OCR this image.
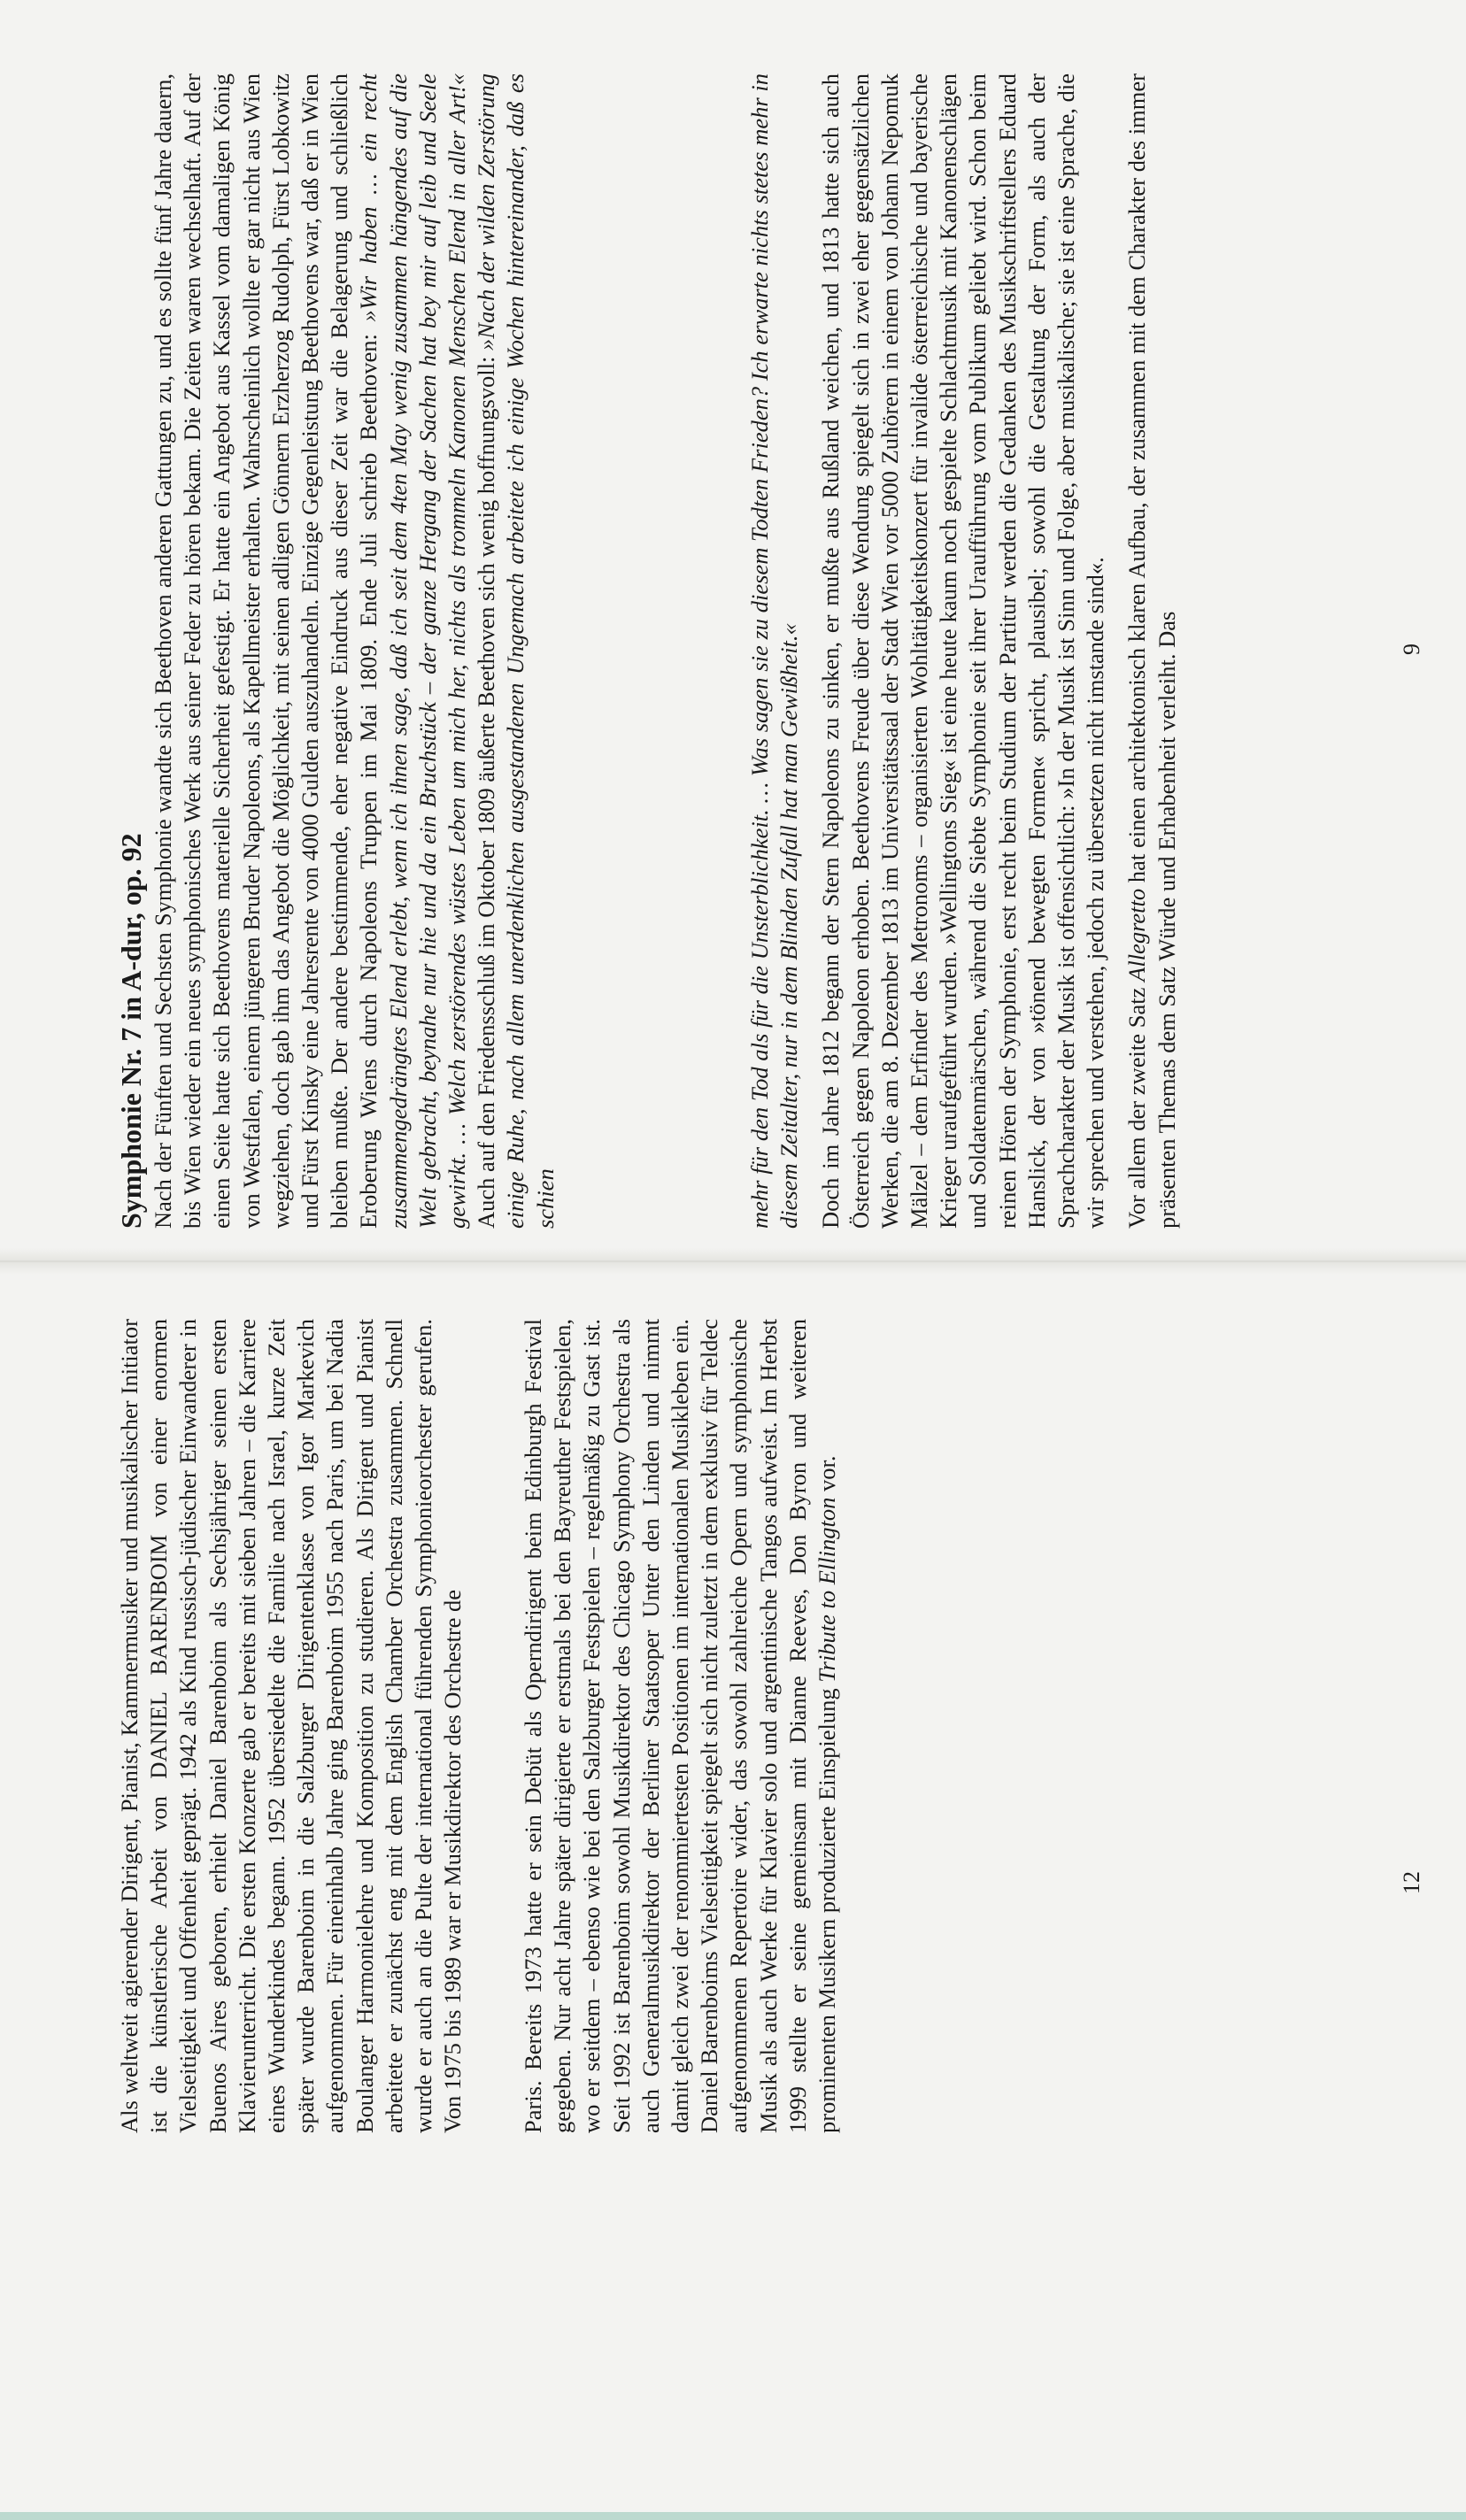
Als weltweit agierender Dirigent, Pianist, Kammermusiker und musikalischer Initiator ist die künstlerische Arbeit von DANIEL BARENBOIM von einer enormen Vielseitigkeit und Offenheit geprägt. 1942 als Kind russisch-jüdischer Einwanderer in Buenos Aires geboren, erhielt Daniel Barenboim als Sechsjähriger seinen ersten Klavierunterricht. Die ersten Konzerte gab er bereits mit sieben Jahren – die Karriere eines Wunderkindes begann. 1952 übersiedelte die Familie nach Israel, kurze Zeit später wurde Barenboim in die Salzburger Dirigentenklasse von Igor Markevich aufgenommen. Für eineinhalb Jahre ging Barenboim 1955 nach Paris, um bei Nadia Boulanger Harmonielehre und Komposition zu studieren. Als Dirigent und Pianist arbeitete er zunächst eng mit dem English Chamber Orchestra zusammen. Schnell wurde er auch an die Pulte der international führenden Symphonieorchester gerufen. Von 1975 bis 1989 war er Musikdirektor des Orchestre de Paris. Bereits 1973 hatte er sein Debüt als Operndirigent beim Edinburgh Festival gegeben. Nur acht Jahre später dirigierte er erstmals bei den Bayreuther Festspielen, wo er seitdem – ebenso wie bei den Salzburger Festspielen – regelmäßig zu Gast ist. Seit 1992 ist Barenboim sowohl Musikdirektor des Chicago Symphony Orchestra als auch Generalmusikdirektor der Berliner Staatsoper Unter den Linden und nimmt damit gleich zwei der renommiertesten Positionen im internationalen Musikleben ein. Daniel Barenboims Vielseitigkeit spiegelt sich nicht zuletzt in dem exklusiv für Teldec aufgenommenen Repertoire wider, das sowohl zahlreiche Opern und symphonische Musik als auch Werke für Klavier solo und argentinische Tangos aufweist. Im Herbst 1999 stellte er seine gemeinsam mit Dianne Reeves, Don Byron und weiteren prominenten Musikern produzierte Einspielung Tribute to Ellington vor.

12
Symphonie Nr. 7 in A-dur, op. 92 Nach der Fünften und Sechsten Symphonie wandte sich Beethoven anderen Gattungen zu, und es sollte fünf Jahre dauern, bis Wien wieder ein neues symphonisches Werk aus seiner Feder zu hören bekam. Die Zeiten waren wechselhaft. Auf der einen Seite hatte sich Beethovens materielle Sicherheit gefestigt. Er hatte ein Angebot aus Kassel vom damaligen König von Westfalen, einem jüngeren Bruder Napoleons, als Kapellmeister erhalten. Wahrscheinlich wollte er gar nicht aus Wien wegziehen, doch gab ihm das Angebot die Möglichkeit, mit seinen adligen Gönnern Erzherzog Rudolph, Fürst Lobkowitz und Fürst Kinsky eine Jahresrente von 4000 Gulden auszuhandeln. Einzige Gegenleistung Beethovens war, daß er in Wien bleiben mußte. Der andere bestimmende, eher negative Eindruck aus dieser Zeit war die Belagerung und schließlich Eroberung Wiens durch Napoleons Truppen im Mai 1809. Ende Juli schrieb Beethoven: »Wir haben … ein recht zusammengedrängtes Elend erlebt, wenn ich ihnen sage, daß ich seit dem 4ten May wenig zusammen hängendes auf die Welt gebracht, beynahe nur hie und da ein Bruchstück – der ganze Hergang der Sachen hat bey mir auf leib und Seele gewirkt. … Welch zerstörendes wüstes Leben um mich her, nichts als trommeln Kanonen Menschen Elend in aller Art!« Auch auf den Friedensschluß im Oktober 1809 äußerte Beethoven sich wenig hoffnungsvoll: »Nach der wilden Zerstörung einige Ruhe, nach allem unerdenklichen ausgestandenen Ungemach arbeitete ich einige Wochen hintereinander, daß es schien	mehr für den Tod als für die Unsterblichkeit. … Was sagen sie zu diesem Todten Frieden? Ich erwarte nichts stetes mehr in diesem Zeitalter, nur in dem Blinden Zufall hat man Gewißheit.« Doch im Jahre 1812 begann der Stern Napoleons zu sinken, er mußte aus Rußland weichen, und 1813 hatte sich auch Österreich gegen Napoleon erhoben. Beethovens Freude über diese Wendung spiegelt sich in zwei eher gegensätzlichen Werken, die am 8. Dezember 1813 im Universitätssaal der Stadt Wien vor 5000 Zuhörern in einem von Johann Nepomuk Mälzel – dem Erfinder des Metronoms – organisierten Wohltätigkeitskonzert für invalide österreichische und bayerische Krieger uraufgeführt wurden. »Wellingtons Sieg« ist eine heute kaum noch gespielte Schlachtmusik mit Kanonenschlägen und Soldatenmärschen, während die Siebte Symphonie seit ihrer Uraufführung vom Publikum geliebt wird. Schon beim reinen Hören der Symphonie, erst recht beim Studium der Partitur werden die Gedanken des Musikschriftstellers Eduard Hanslick, der von »tönend bewegten Formen« spricht, plausibel; sowohl die Gestaltung der Form, als auch der Sprachcharakter der Musik ist offensichtlich: »In der Musik ist Sinn und Folge, aber musikalische; sie ist eine Sprache, die wir sprechen und verstehen, jedoch zu übersetzen nicht imstande sind«. Vor allem der zweite Satz Allegretto hat einen architektonisch klaren Aufbau, der zusammen mit dem Charakter des immer präsenten Themas dem Satz Würde und Erhabenheit verleiht. Das	9
